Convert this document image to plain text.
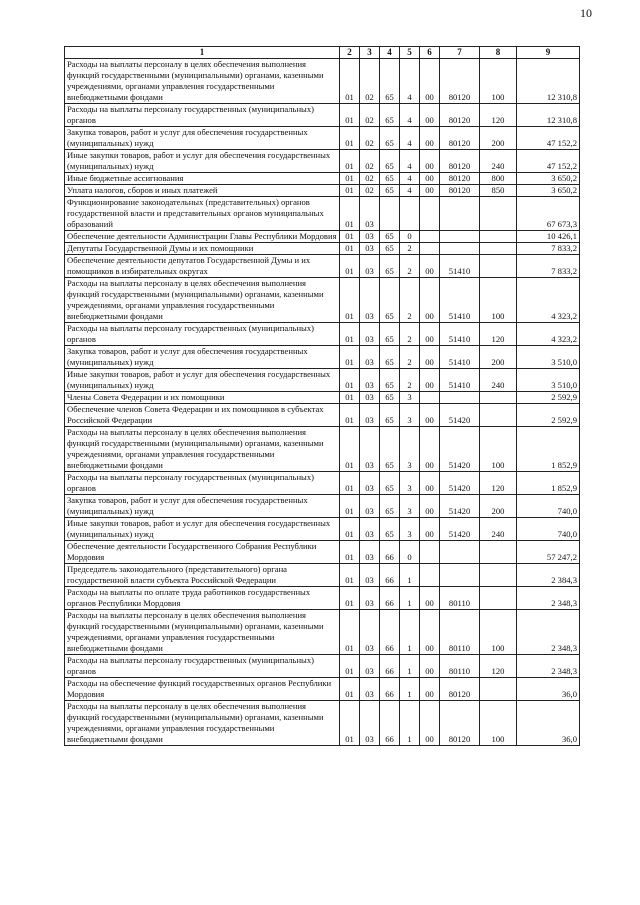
10
1	2	3	4	5	6	7	8	9
Расходы на выплаты персоналу в целях обеспечения выполнения функций государственными (муниципальными) органами, казенными учреждениями, органами управления государственными внебюджетными фондами	01	02	65	4	00	80120	100	12 310,8
Расходы на выплаты персоналу государственных (муниципальных) органов	01	02	65	4	00	80120	120	12 310,8
Закупка товаров, работ и услуг для обеспечения государственных (муниципальных) нужд	01	02	65	4	00	80120	200	47 152,2
Иные закупки товаров, работ и услуг для обеспечения государственных (муниципальных) нужд	01	02	65	4	00	80120	240	47 152,2
Иные бюджетные ассигнования	01	02	65	4	00	80120	800	3 650,2
Уплата налогов, сборов и иных платежей	01	02	65	4	00	80120	850	3 650,2
Функционирование законодательных (представительных) органов государственной власти и представительных органов муниципальных образований	01	03						67 673,3
Обеспечение деятельности Администрации Главы Республики Мордовия	01	03	65	0				10 426,1
Депутаты Государственной Думы и их помощники	01	03	65	2				7 833,2
Обеспечение деятельности депутатов Государственной Думы и их помощников в избирательных округах	01	03	65	2	00	51410		7 833,2
Расходы на выплаты персоналу в целях обеспечения выполнения функций государственными (муниципальными) органами, казенными учреждениями, органами управления государственными внебюджетными фондами	01	03	65	2	00	51410	100	4 323,2
Расходы на выплаты персоналу государственных (муниципальных) органов	01	03	65	2	00	51410	120	4 323,2
Закупка товаров, работ и услуг для обеспечения государственных (муниципальных) нужд	01	03	65	2	00	51410	200	3 510,0
Иные закупки товаров, работ и услуг для обеспечения государственных (муниципальных) нужд	01	03	65	2	00	51410	240	3 510,0
Члены Совета Федерации и их помощники	01	03	65	3				2 592,9
Обеспечение членов Совета Федерации и их помощников в субъектах Российской Федерации	01	03	65	3	00	51420		2 592,9
Расходы на выплаты персоналу в целях обеспечения выполнения функций государственными (муниципальными) органами, казенными учреждениями, органами управления государственными внебюджетными фондами	01	03	65	3	00	51420	100	1 852,9
Расходы на выплаты персоналу государственных (муниципальных) органов	01	03	65	3	00	51420	120	1 852,9
Закупка товаров, работ и услуг для обеспечения государственных (муниципальных) нужд	01	03	65	3	00	51420	200	740,0
Иные закупки товаров, работ и услуг для обеспечения государственных (муниципальных) нужд	01	03	65	3	00	51420	240	740,0
Обеспечение деятельности Государственного Собрания Республики Мордовия	01	03	66	0				57 247,2
Председатель законодательного (представительного) органа государственной власти субъекта Российской Федерации	01	03	66	1				2 384,3
Расходы на выплаты по оплате труда работников государственных органов Республики Мордовия	01	03	66	1	00	80110		2 348,3
Расходы на выплаты персоналу в целях обеспечения выполнения функций государственными (муниципальными) органами, казенными учреждениями, органами управления государственными внебюджетными фондами	01	03	66	1	00	80110	100	2 348,3
Расходы на выплаты персоналу государственных (муниципальных) органов	01	03	66	1	00	80110	120	2 348,3
Расходы на обеспечение функций государственных органов Республики Мордовия	01	03	66	1	00	80120		36,0
Расходы на выплаты персоналу в целях обеспечения выполнения функций государственными (муниципальными) органами, казенными учреждениями, органами управления государственными внебюджетными фондами	01	03	66	1	00	80120	100	36,0
